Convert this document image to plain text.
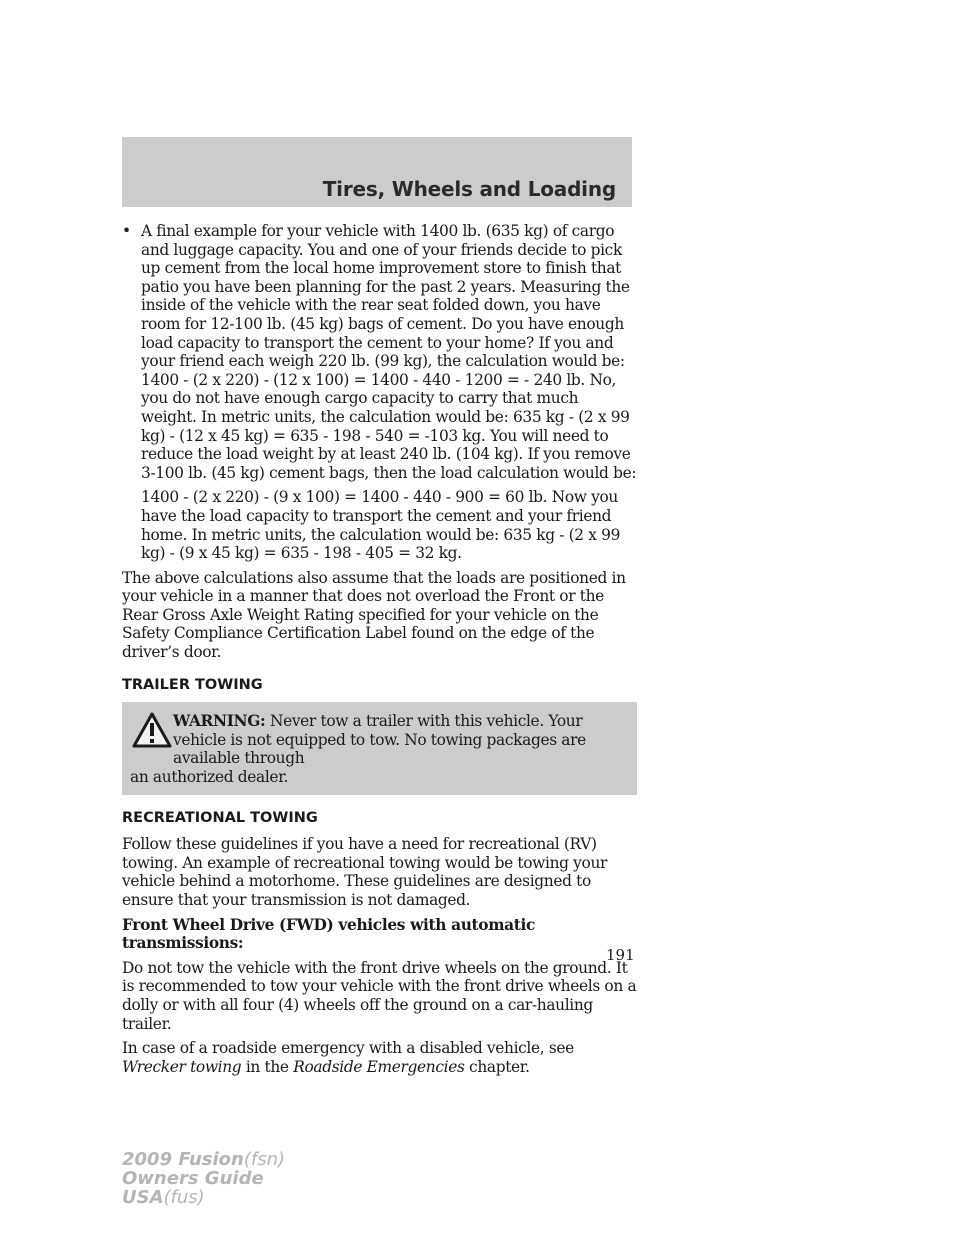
Tires, Wheels and Loading
• A final example for your vehicle with 1400 lb. (635 kg) of cargo and luggage capacity. You and one of your friends decide to pick up cement from the local home improvement store to finish that patio you have been planning for the past 2 years. Measuring the inside of the vehicle with the rear seat folded down, you have room for 12-100 lb. (45 kg) bags of cement. Do you have enough load capacity to transport the cement to your home? If you and your friend each weigh 220 lb. (99 kg), the calculation would be: 1400 - (2 x 220) - (12 x 100) = 1400 - 440 - 1200 = - 240 lb. No, you do not have enough cargo capacity to carry that much weight. In metric units, the calculation would be: 635 kg - (2 x 99 kg) - (12 x 45 kg) = 635 - 198 - 540 = -103 kg. You will need to reduce the load weight by at least 240 lb. (104 kg). If you remove 3-100 lb. (45 kg) cement bags, then the load calculation would be:

1400 - (2 x 220) - (9 x 100) = 1400 - 440 - 900 = 60 lb. Now you have the load capacity to transport the cement and your friend home. In metric units, the calculation would be: 635 kg - (2 x 99 kg) - (9 x 45 kg) = 635 - 198 - 405 = 32 kg.

The above calculations also assume that the loads are positioned in your vehicle in a manner that does not overload the Front or the Rear Gross Axle Weight Rating specified for your vehicle on the Safety Compliance Certification Label found on the edge of the driver’s door.

TRAILER TOWING
WARNING: Never tow a trailer with this vehicle. Your vehicle is not equipped to tow. No towing packages are available through
an authorized dealer.
RECREATIONAL TOWING

Follow these guidelines if you have a need for recreational (RV) towing. An example of recreational towing would be towing your vehicle behind a motorhome. These guidelines are designed to ensure that your transmission is not damaged.

Front Wheel Drive (FWD) vehicles with automatic transmissions:

Do not tow the vehicle with the front drive wheels on the ground. It is recommended to tow your vehicle with the front drive wheels on a dolly or with all four (4) wheels off the ground on a car-hauling trailer.

In case of a roadside emergency with a disabled vehicle, see Wrecker towing in the Roadside Emergencies chapter.

191
2009 Fusion(fsn)
Owners Guide
USA(fus)
